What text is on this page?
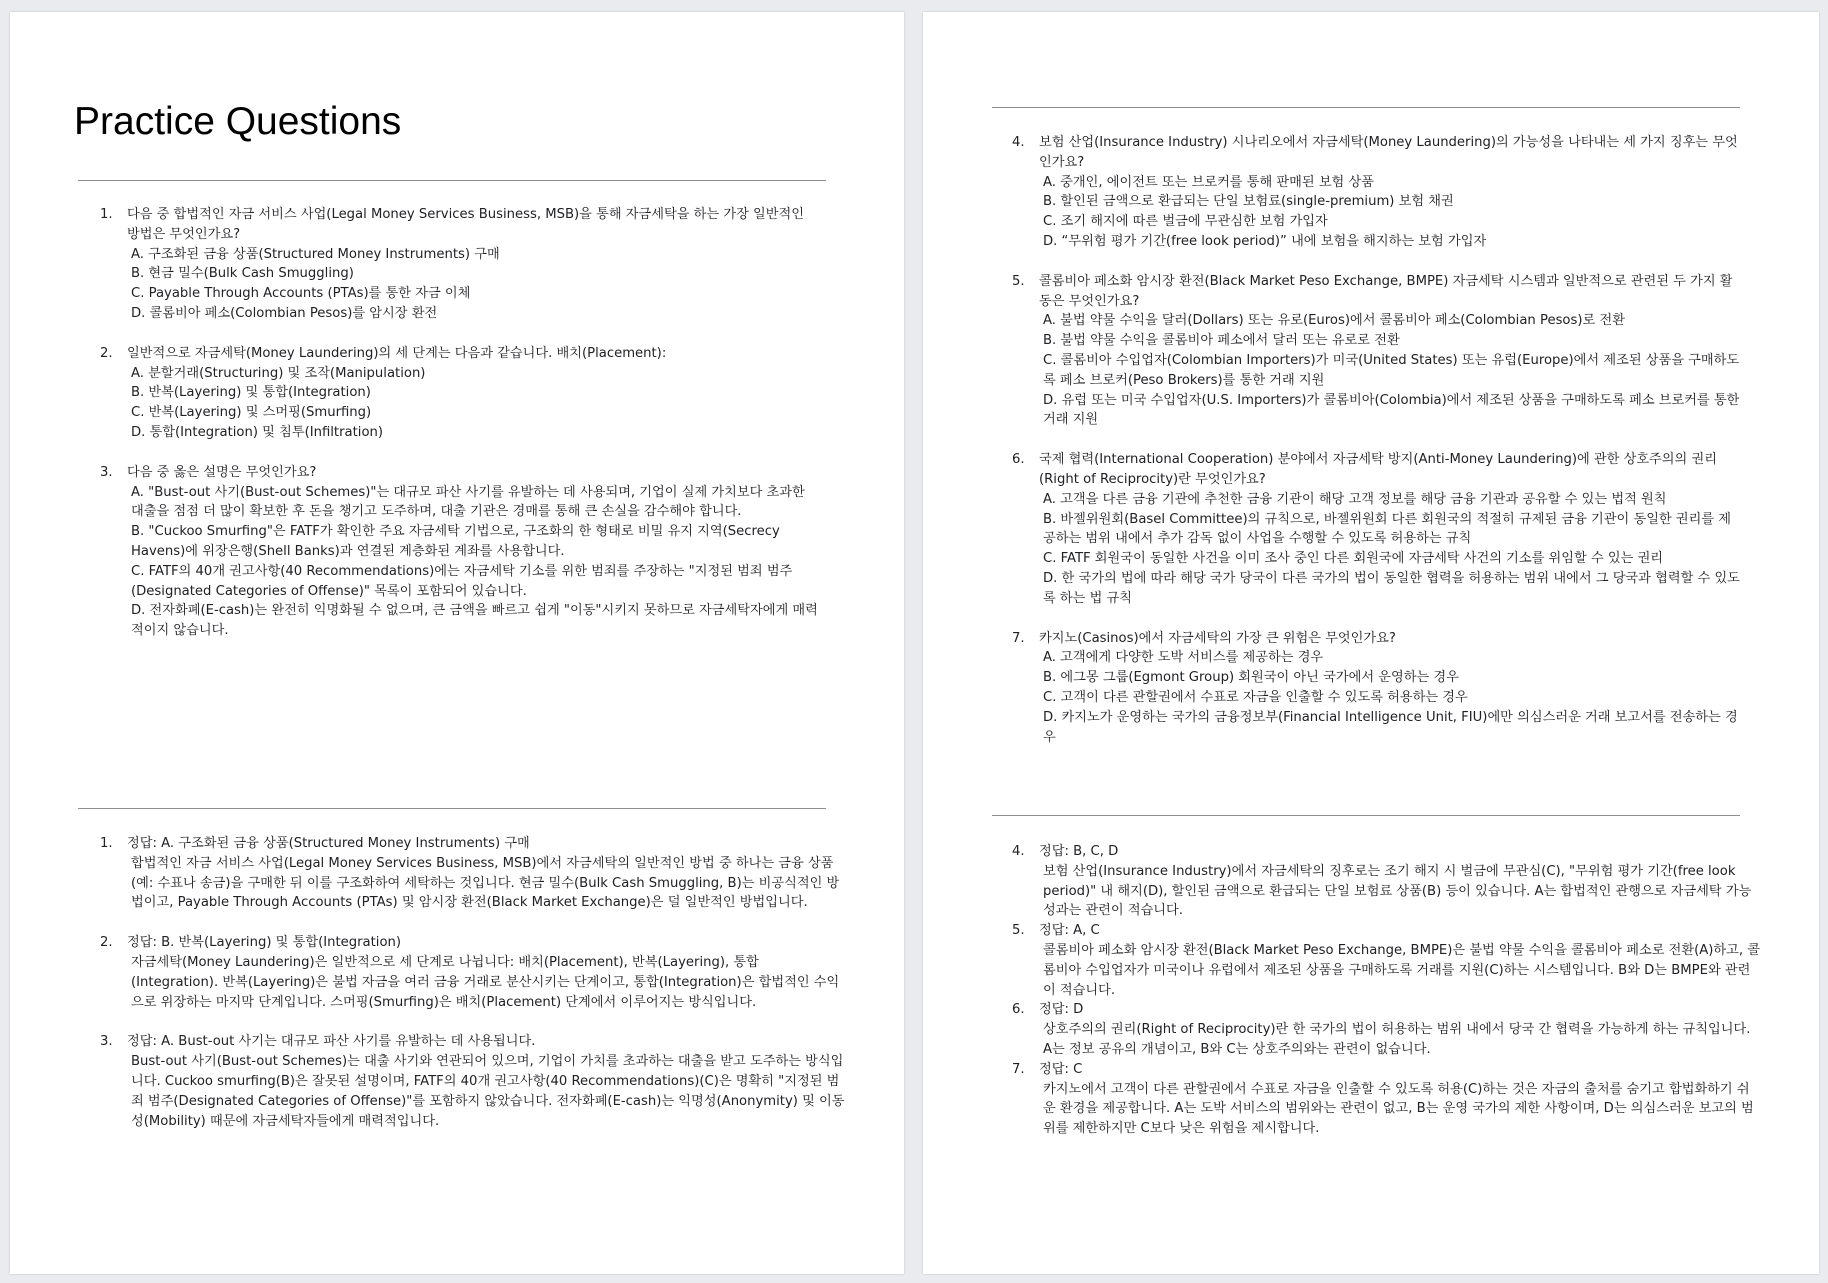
Practice Questions
1. 다음 중 합법적인 자금 서비스 사업(Legal Money Services Business, MSB)을 통해 자금세탁을 하는 가장 일반적인 방법은 무엇인가요?
A. 구조화된 금융 상품(Structured Money Instruments) 구매
B. 현금 밀수(Bulk Cash Smuggling)
C. Payable Through Accounts (PTAs)를 통한 자금 이체
D. 콜롬비아 페소(Colombian Pesos)를 암시장 환전
2. 일반적으로 자금세탁(Money Laundering)의 세 단계는 다음과 같습니다. 배치(Placement):
A. 분할거래(Structuring) 및 조작(Manipulation)
B. 반복(Layering) 및 통합(Integration)
C. 반복(Layering) 및 스머핑(Smurfing)
D. 통합(Integration) 및 침투(Infiltration)
3. 다음 중 옳은 설명은 무엇인가요?
A. "Bust-out 사기(Bust-out Schemes)"는 대규모 파산 사기를 유발하는 데 사용되며, 기업이 실제 가치보다 초과한 대출을 점점 더 많이 확보한 후 돈을 챙기고 도주하며, 대출 기관은 경매를 통해 큰 손실을 감수해야 합니다.
B. "Cuckoo Smurfing"은 FATF가 확인한 주요 자금세탁 기법으로, 구조화의 한 형태로 비밀 유지 지역(Secrecy Havens)에 위장은행(Shell Banks)과 연결된 계층화된 계좌를 사용합니다.
C. FATF의 40개 권고사항(40 Recommendations)에는 자금세탁 기소를 위한 범죄를 주장하는 "지정된 범죄 범주(Designated Categories of Offense)" 목록이 포함되어 있습니다.
D. 전자화폐(E-cash)는 완전히 익명화될 수 없으며, 큰 금액을 빠르고 쉽게 "이동"시키지 못하므로 자금세탁자에게 매력적이지 않습니다.
1. 정답: A. 구조화된 금융 상품(Structured Money Instruments) 구매
합법적인 자금 서비스 사업(Legal Money Services Business, MSB)에서 자금세탁의 일반적인 방법 중 하나는 금융 상품(예: 수표나 송금)을 구매한 뒤 이를 구조화하여 세탁하는 것입니다. 현금 밀수(Bulk Cash Smuggling, B)는 비공식적인 방법이고, Payable Through Accounts (PTAs) 및 암시장 환전(Black Market Exchange)은 덜 일반적인 방법입니다.
2. 정답: B. 반복(Layering) 및 통합(Integration)
자금세탁(Money Laundering)은 일반적으로 세 단계로 나뉩니다: 배치(Placement), 반복(Layering), 통합(Integration). 반복(Layering)은 불법 자금을 여러 금융 거래로 분산시키는 단계이고, 통합(Integration)은 합법적인 수익으로 위장하는 마지막 단계입니다. 스머핑(Smurfing)은 배치(Placement) 단계에서 이루어지는 방식입니다.
3. 정답: A. Bust-out 사기는 대규모 파산 사기를 유발하는 데 사용됩니다.
Bust-out 사기(Bust-out Schemes)는 대출 사기와 연관되어 있으며, 기업이 가치를 초과하는 대출을 받고 도주하는 방식입니다. Cuckoo smurfing(B)은 잘못된 설명이며, FATF의 40개 권고사항(40 Recommendations)(C)은 명확히 "지정된 범죄 범주(Designated Categories of Offense)"를 포함하지 않았습니다. 전자화폐(E-cash)는 익명성(Anonymity) 및 이동성(Mobility) 때문에 자금세탁자들에게 매력적입니다.
4. 보험 산업(Insurance Industry) 시나리오에서 자금세탁(Money Laundering)의 가능성을 나타내는 세 가지 징후는 무엇인가요?
A. 중개인, 에이전트 또는 브로커를 통해 판매된 보험 상품
B. 할인된 금액으로 환급되는 단일 보험료(single-premium) 보험 채권
C. 조기 해지에 따른 벌금에 무관심한 보험 가입자
D. “무위험 평가 기간(free look period)” 내에 보험을 해지하는 보험 가입자
5. 콜롬비아 페소화 암시장 환전(Black Market Peso Exchange, BMPE) 자금세탁 시스템과 일반적으로 관련된 두 가지 활동은 무엇인가요?
A. 불법 약물 수익을 달러(Dollars) 또는 유로(Euros)에서 콜롬비아 페소(Colombian Pesos)로 전환
B. 불법 약물 수익을 콜롬비아 페소에서 달러 또는 유로로 전환
C. 콜롬비아 수입업자(Colombian Importers)가 미국(United States) 또는 유럽(Europe)에서 제조된 상품을 구매하도록 페소 브로커(Peso Brokers)를 통한 거래 지원
D. 유럽 또는 미국 수입업자(U.S. Importers)가 콜롬비아(Colombia)에서 제조된 상품을 구매하도록 페소 브로커를 통한 거래 지원
6. 국제 협력(International Cooperation) 분야에서 자금세탁 방지(Anti-Money Laundering)에 관한 상호주의의 권리(Right of Reciprocity)란 무엇인가요?
A. 고객을 다른 금융 기관에 추천한 금융 기관이 해당 고객 정보를 해당 금융 기관과 공유할 수 있는 법적 원칙
B. 바젤위원회(Basel Committee)의 규칙으로, 바젤위원회 다른 회원국의 적절히 규제된 금융 기관이 동일한 권리를 제공하는 범위 내에서 추가 감독 없이 사업을 수행할 수 있도록 허용하는 규칙
C. FATF 회원국이 동일한 사건을 이미 조사 중인 다른 회원국에 자금세탁 사건의 기소를 위임할 수 있는 권리
D. 한 국가의 법에 따라 해당 국가 당국이 다른 국가의 법이 동일한 협력을 허용하는 범위 내에서 그 당국과 협력할 수 있도록 하는 법 규칙
7. 카지노(Casinos)에서 자금세탁의 가장 큰 위험은 무엇인가요?
A. 고객에게 다양한 도박 서비스를 제공하는 경우
B. 에그몽 그룹(Egmont Group) 회원국이 아닌 국가에서 운영하는 경우
C. 고객이 다른 관할권에서 수표로 자금을 인출할 수 있도록 허용하는 경우
D. 카지노가 운영하는 국가의 금융정보부(Financial Intelligence Unit, FIU)에만 의심스러운 거래 보고서를 전송하는 경우
4. 정답: B, C, D
보험 산업(Insurance Industry)에서 자금세탁의 징후로는 조기 해지 시 벌금에 무관심(C), "무위험 평가 기간(free look period)" 내 해지(D), 할인된 금액으로 환급되는 단일 보험료 상품(B) 등이 있습니다. A는 합법적인 관행으로 자금세탁 가능성과는 관련이 적습니다.
5. 정답: A, C
콜롬비아 페소화 암시장 환전(Black Market Peso Exchange, BMPE)은 불법 약물 수익을 콜롬비아 페소로 전환(A)하고, 콜롬비아 수입업자가 미국이나 유럽에서 제조된 상품을 구매하도록 거래를 지원(C)하는 시스템입니다. B와 D는 BMPE와 관련이 적습니다.
6. 정답: D
상호주의의 권리(Right of Reciprocity)란 한 국가의 법이 허용하는 범위 내에서 당국 간 협력을 가능하게 하는 규칙입니다. A는 정보 공유의 개념이고, B와 C는 상호주의와는 관련이 없습니다.
7. 정답: C
카지노에서 고객이 다른 관할권에서 수표로 자금을 인출할 수 있도록 허용(C)하는 것은 자금의 출처를 숨기고 합법화하기 쉬운 환경을 제공합니다. A는 도박 서비스의 범위와는 관련이 없고, B는 운영 국가의 제한 사항이며, D는 의심스러운 보고의 범위를 제한하지만 C보다 낮은 위험을 제시합니다.
